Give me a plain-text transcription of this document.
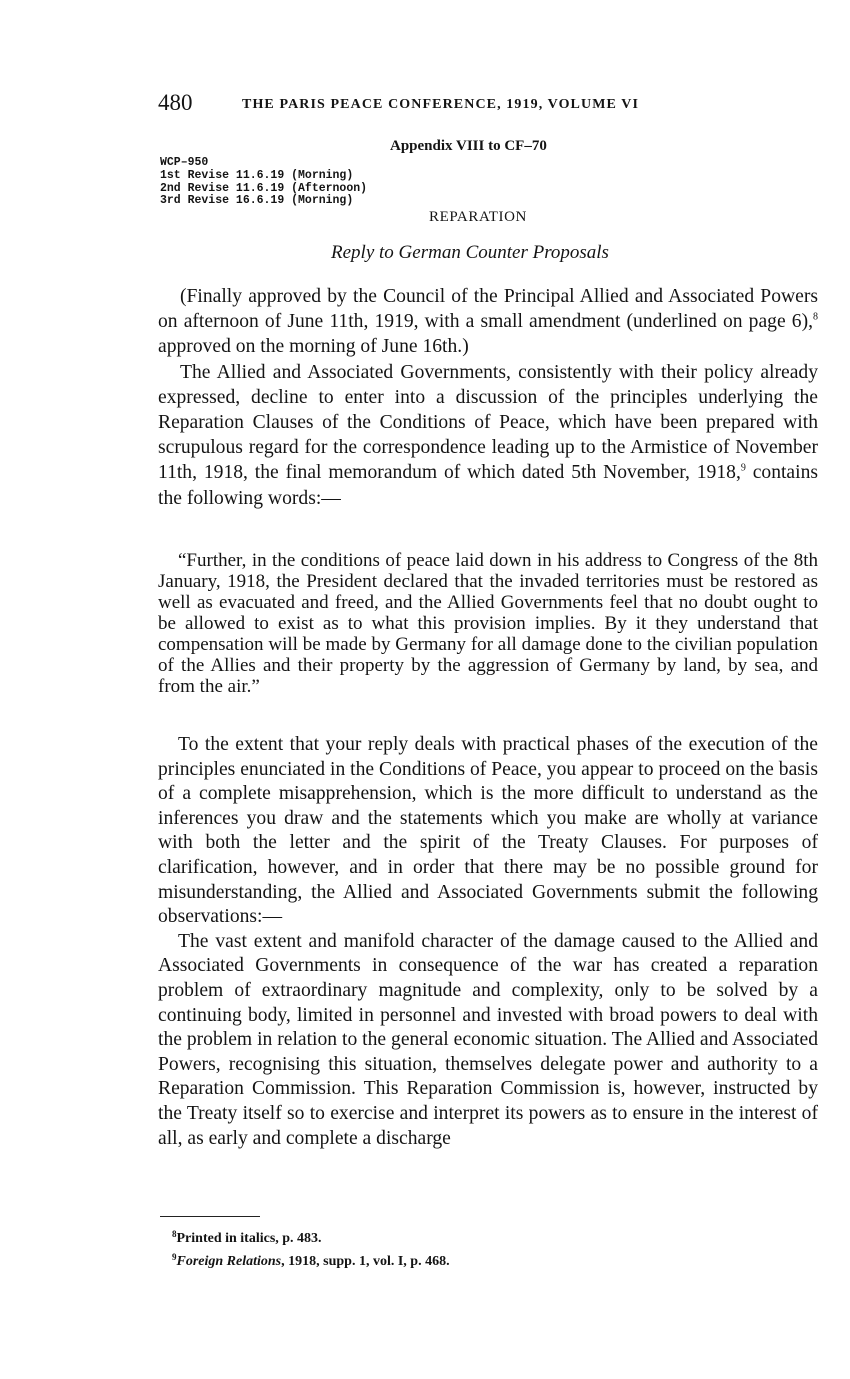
480	THE PARIS PEACE CONFERENCE, 1919, VOLUME VI
Appendix VIII to CF–70
WCP–950
1st Revise 11.6.19 (Morning)
2nd Revise 11.6.19 (Afternoon)
3rd Revise 16.6.19 (Morning)
REPARATION
Reply to German Counter Proposals

(Finally approved by the Council of the Principal Allied and Associated Powers on afternoon of June 11th, 1919, with a small amendment (underlined on page 6),$^8$ approved on the morning of June 16th.)

The Allied and Associated Governments, consistently with their policy already expressed, decline to enter into a discussion of the principles underlying the Reparation Clauses of the Conditions of Peace, which have been prepared with scrupulous regard for the correspondence leading up to the Armistice of November 11th, 1918, the final memorandum of which dated 5th November, 1918,$^9$ contains the following words:—

“Further, in the conditions of peace laid down in his address to Congress of the 8th January, 1918, the President declared that the invaded territories must be restored as well as evacuated and freed, and the Allied Governments feel that no doubt ought to be allowed to exist as to what this provision implies. By it they understand that compensation will be made by Germany for all damage done to the civilian population of the Allies and their property by the aggression of Germany by land, by sea, and from the air.”

To the extent that your reply deals with practical phases of the execution of the principles enunciated in the Conditions of Peace, you appear to proceed on the basis of a complete misapprehension, which is the more difficult to understand as the inferences you draw and the statements which you make are wholly at variance with both the letter and the spirit of the Treaty Clauses. For purposes of clarification, however, and in order that there may be no possible ground for misunderstanding, the Allied and Associated Governments submit the following observations:—

The vast extent and manifold character of the damage caused to the Allied and Associated Governments in consequence of the war has created a reparation problem of extraordinary magnitude and complexity, only to be solved by a continuing body, limited in personnel and invested with broad powers to deal with the problem in relation to the general economic situation. The Allied and Associated Powers, recognising this situation, themselves delegate power and authority to a Reparation Commission. This Reparation Commission is, however, instructed by the Treaty itself so to exercise and interpret its powers as to ensure in the interest of all, as early and complete a discharge

$^8$Printed in italics, p. 483.
$^9$Foreign Relations, 1918, supp. 1, vol. I, p. 468.
